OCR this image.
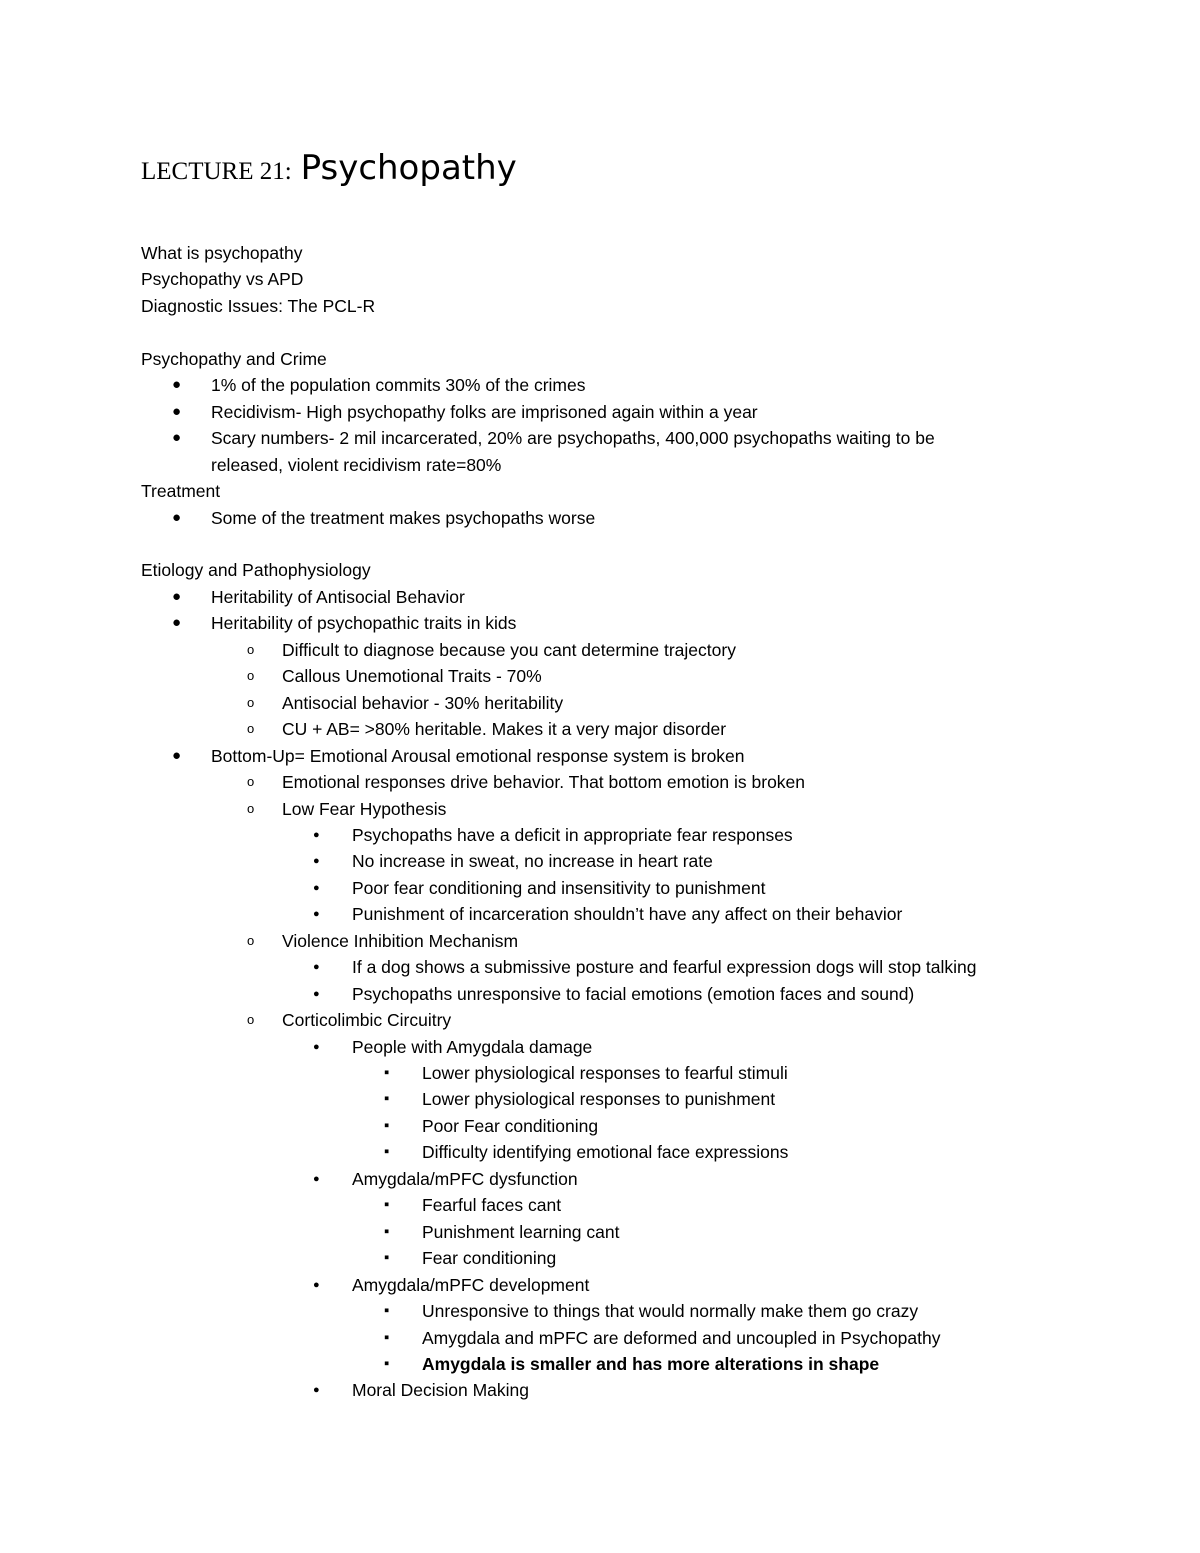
LECTURE 21: Psychopathy
What is psychopathy
Psychopathy vs APD
Diagnostic Issues: The PCL-R
Psychopathy and Crime
● 1% of the population commits 30% of the crimes
● Recidivism- High psychopathy folks are imprisoned again within a year
● Scary numbers- 2 mil incarcerated, 20% are psychopaths, 400,000 psychopaths waiting to be
released, violent recidivism rate=80%
Treatment
● Some of the treatment makes psychopaths worse
Etiology and Pathophysiology
● Heritability of Antisocial Behavior
● Heritability of psychopathic traits in kids
o Difficult to diagnose because you cant determine trajectory
o Callous Unemotional Traits - 70%
o Antisocial behavior - 30% heritability
o CU + AB= >80% heritable. Makes it a very major disorder
● Bottom-Up= Emotional Arousal emotional response system is broken
o Emotional responses drive behavior. That bottom emotion is broken
o Low Fear Hypothesis
● Psychopaths have a deficit in appropriate fear responses
● No increase in sweat, no increase in heart rate
● Poor fear conditioning and insensitivity to punishment
● Punishment of incarceration shouldn’t have any affect on their behavior
o Violence Inhibition Mechanism
● If a dog shows a submissive posture and fearful expression dogs will stop talking
● Psychopaths unresponsive to facial emotions (emotion faces and sound)
o Corticolimbic Circuitry
● People with Amygdala damage
▪ Lower physiological responses to fearful stimuli
▪ Lower physiological responses to punishment
▪ Poor Fear conditioning
▪ Difficulty identifying emotional face expressions
● Amygdala/mPFC dysfunction
▪ Fearful faces cant
▪ Punishment learning cant
▪ Fear conditioning
● Amygdala/mPFC development
▪ Unresponsive to things that would normally make them go crazy
▪ Amygdala and mPFC are deformed and uncoupled in Psychopathy
▪ Amygdala is smaller and has more alterations in shape
● Moral Decision Making
